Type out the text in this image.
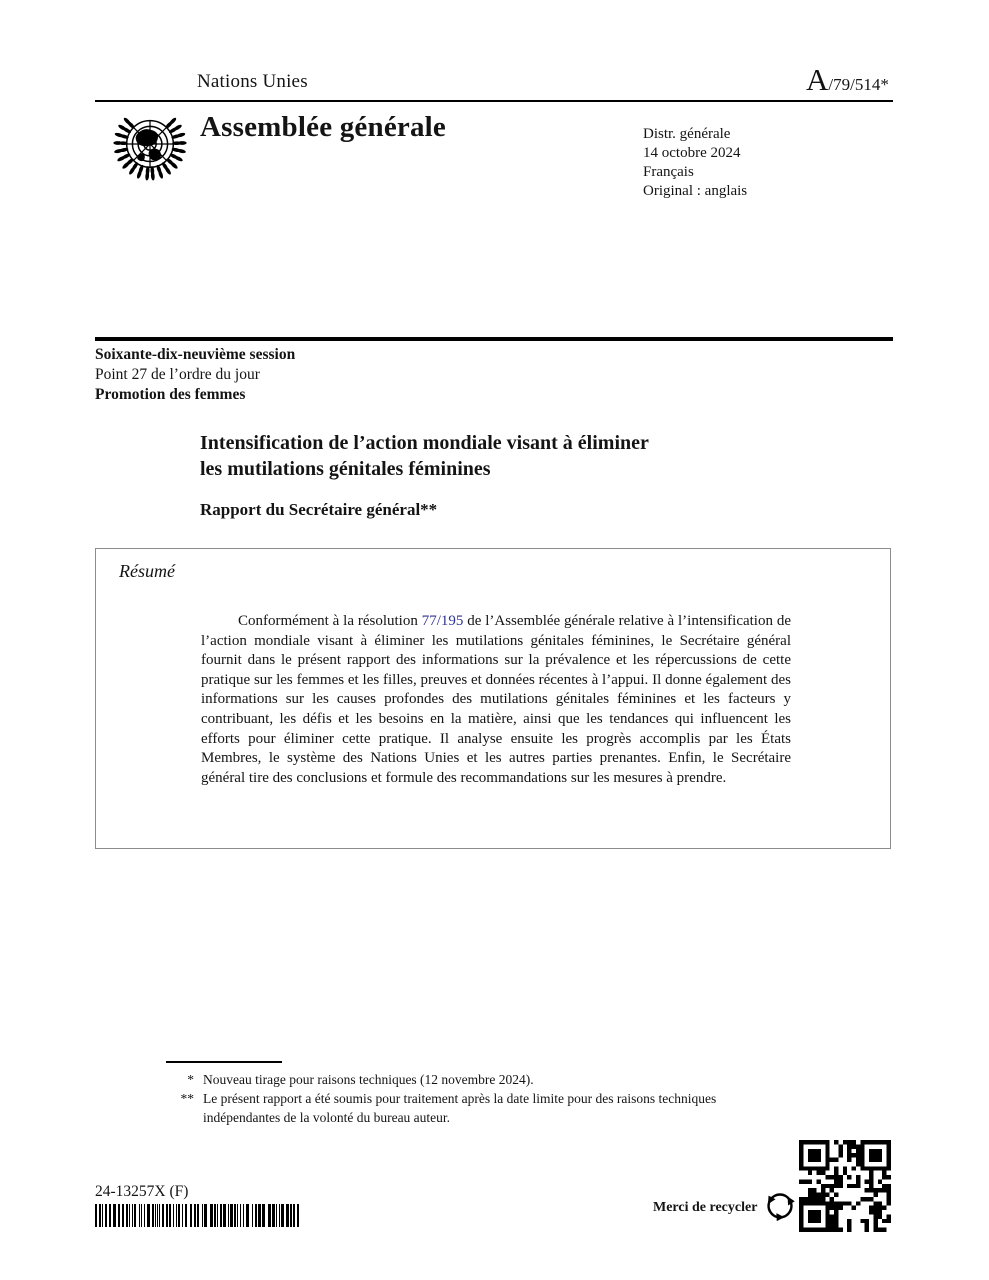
Nations Unies	A /79/514*
Assemblée générale	Distr. générale
14 octobre 2024
Français
Original : anglais
Soixante-dix-neuvième session
Point 27 de l’ordre du jour
Promotion des femmes
Intensification de l’action mondiale visant à éliminer
les mutilations génitales féminines
Rapport du Secrétaire général**
Résumé

Conformément à la résolution 77/195 de l’Assemblée générale relative à l’intensification de l’action mondiale visant à éliminer les mutilations génitales féminines, le Secrétaire général fournit dans le présent rapport des informations sur la prévalence et les répercussions de cette pratique sur les femmes et les filles, preuves et données récentes à l’appui. Il donne également des informations sur les causes profondes des mutilations génitales féminines et les facteurs y contribuant, les défis et les besoins en la matière, ainsi que les tendances qui influencent les efforts pour éliminer cette pratique. Il analyse ensuite les progrès accomplis par les États Membres, le système des Nations Unies et les autres parties prenantes. Enfin, le Secrétaire général tire des conclusions et formule des recommandations sur les mesures à prendre.

* Nouveau tirage pour raisons techniques (12 novembre 2024).
** Le présent rapport a été soumis pour traitement après la date limite pour des raisons techniques indépendantes de la volonté du bureau auteur.
24-13257X (F)
Merci de recycler
